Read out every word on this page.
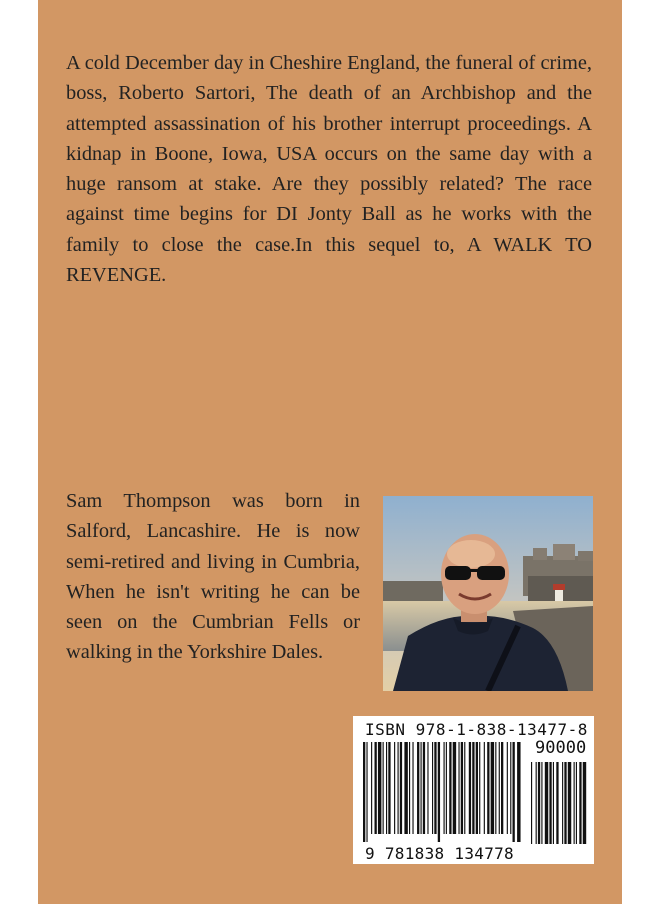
A cold December day in Cheshire England, the funeral of crime, boss, Roberto Sartori, The death of an Archbishop and the attempted assassination of his brother interrupt proceedings. A kidnap in Boone, Iowa, USA occurs on the same day with a huge ransom at stake. Are they possibly related? The race against time begins for DI Jonty Ball as he works with the family to close the case.In this sequel to, A WALK TO REVENGE.

Sam Thompson was born in Salford, Lancashire. He is now semi-retired and living in Cumbria, When he isn't writing he can be seen on the Cumbrian Fells or walking in the Yorkshire Dales.

ISBN 978-1-838-13477-8
90000
9 781838 134778
